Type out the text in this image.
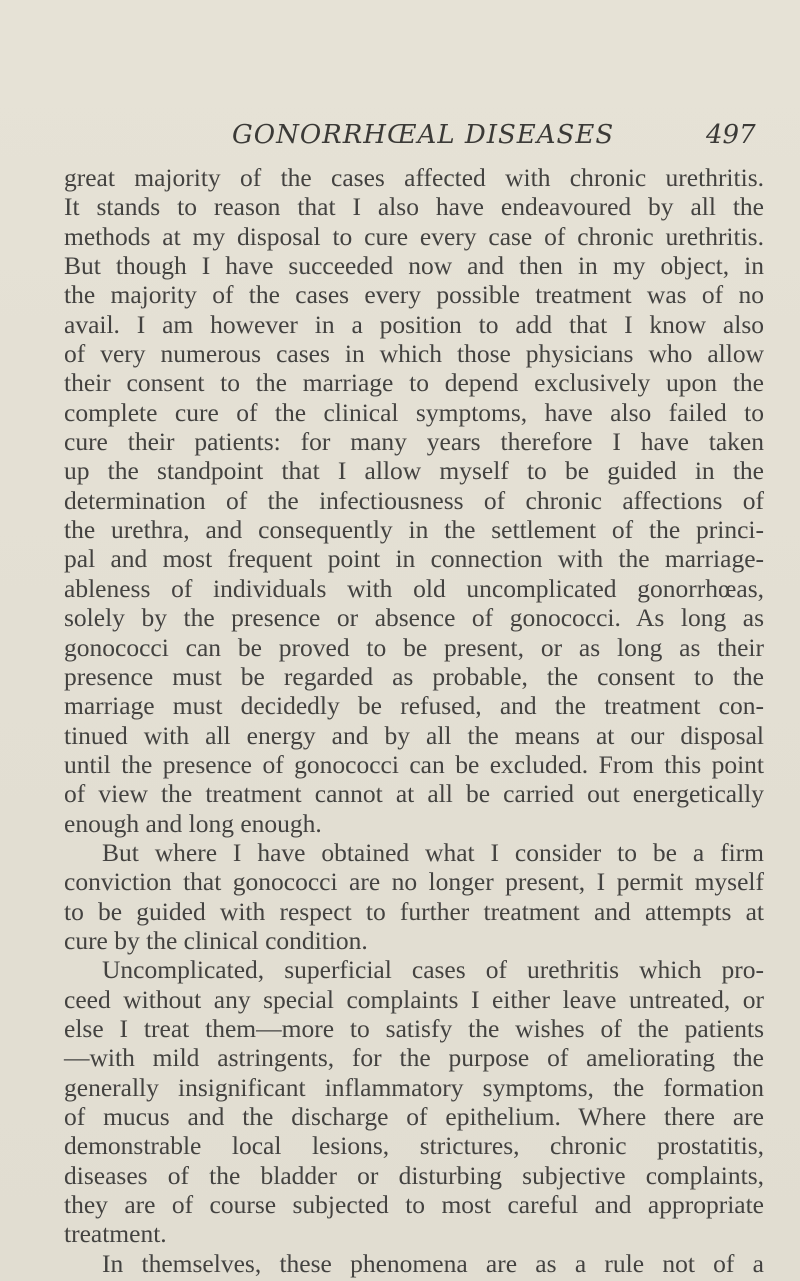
GONORRHŒAL DISEASES	497
great majority of the cases affected with chronic urethritis.
It stands to reason that I also have endeavoured by all the
methods at my disposal to cure every case of chronic urethritis.
But though I have succeeded now and then in my object, in
the majority of the cases every possible treatment was of no
avail. I am however in a position to add that I know also
of very numerous cases in which those physicians who allow
their consent to the marriage to depend exclusively upon the
complete cure of the clinical symptoms, have also failed to
cure their patients: for many years therefore I have taken
up the standpoint that I allow myself to be guided in the
determination of the infectiousness of chronic affections of
the urethra, and consequently in the settlement of the princi-
pal and most frequent point in connection with the marriage-
ableness of individuals with old uncomplicated gonorrhœas,
solely by the presence or absence of gonococci. As long as
gonococci can be proved to be present, or as long as their
presence must be regarded as probable, the consent to the
marriage must decidedly be refused, and the treatment con-
tinued with all energy and by all the means at our disposal
until the presence of gonococci can be excluded. From this point
of view the treatment cannot at all be carried out energetically
enough and long enough.
But where I have obtained what I consider to be a firm
conviction that gonococci are no longer present, I permit myself
to be guided with respect to further treatment and attempts at
cure by the clinical condition.
Uncomplicated, superficial cases of urethritis which pro-
ceed without any special complaints I either leave untreated, or
else I treat them—more to satisfy the wishes of the patients
—with mild astringents, for the purpose of ameliorating the
generally insignificant inflammatory symptoms, the formation
of mucus and the discharge of epithelium. Where there are
demonstrable local lesions, strictures, chronic prostatitis,
diseases of the bladder or disturbing subjective complaints,
they are of course subjected to most careful and appropriate
treatment.
In themselves, these phenomena are as a rule not of a
